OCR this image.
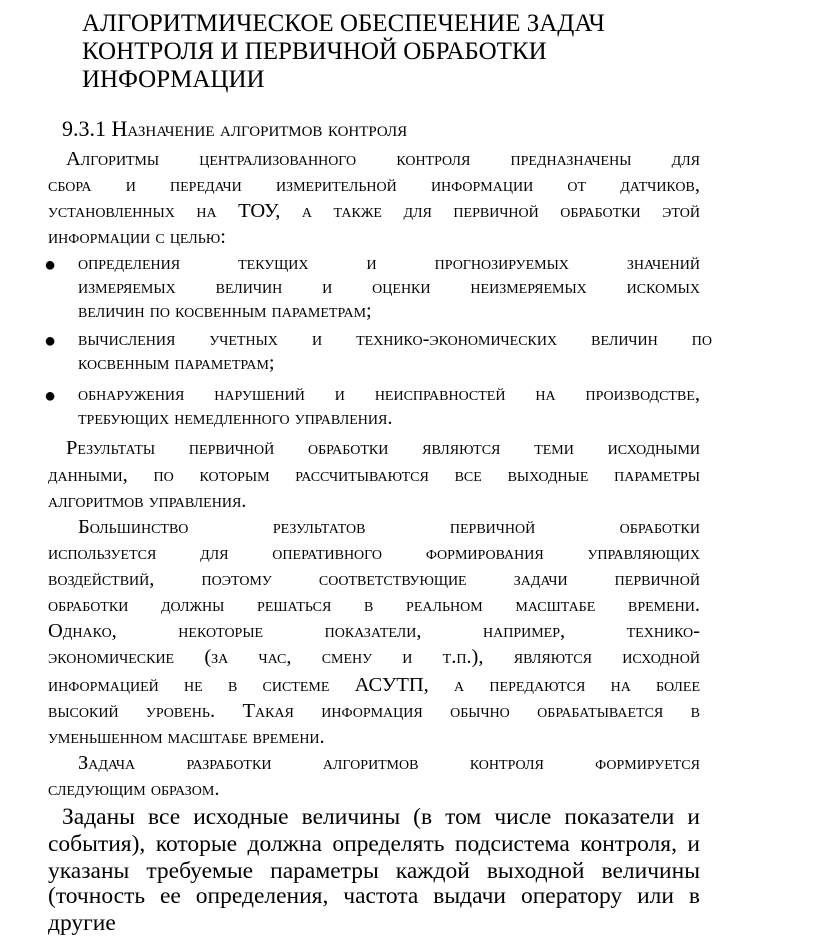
АЛГОРИТМИЧЕСКОЕ ОБЕСПЕЧЕНИЕ ЗАДАЧ
КОНТРОЛЯ И ПЕРВИЧНОЙ ОБРАБОТКИ
ИНФОРМАЦИИ
9.3.1 Назначение алгоритмов контроля
Алгоритмы централизованного контроля предназначены для
сбора и передачи измерительной информации от датчиков,
установленных на ТОУ, а также для первичной обработки этой
информации с целью:
● определения текущих и прогнозируемых значений
измеряемых величин и оценки неизмеряемых искомых
величин по косвенным параметрам;
● вычисления учетных и технико-экономических величин по
косвенным параметрам;
● обнаружения нарушений и неисправностей на производстве,
требующих немедленного управления.
Результаты первичной обработки являются теми исходными
данными, по которым рассчитываются все выходные параметры
алгоритмов управления.
Большинство результатов первичной обработки
используется для оперативного формирования управляющих
воздействий, поэтому соответствующие задачи первичной
обработки должны решаться в реальном масштабе времени.
Однако, некоторые показатели, например, технико-
экономические (за час, смену и т.п.), являются исходной
информацией не в системе АСУТП, а передаются на более
высокий уровень. Такая информация обычно обрабатывается в
уменьшенном масштабе времени.
Задача разработки алгоритмов контроля формируется
следующим образом.
Заданы все исходные величины (в том числе показатели и
события), которые должна определять подсистема контроля, и
указаны требуемые параметры каждой выходной величины
(точность ее определения, частота выдачи оператору или в другие
